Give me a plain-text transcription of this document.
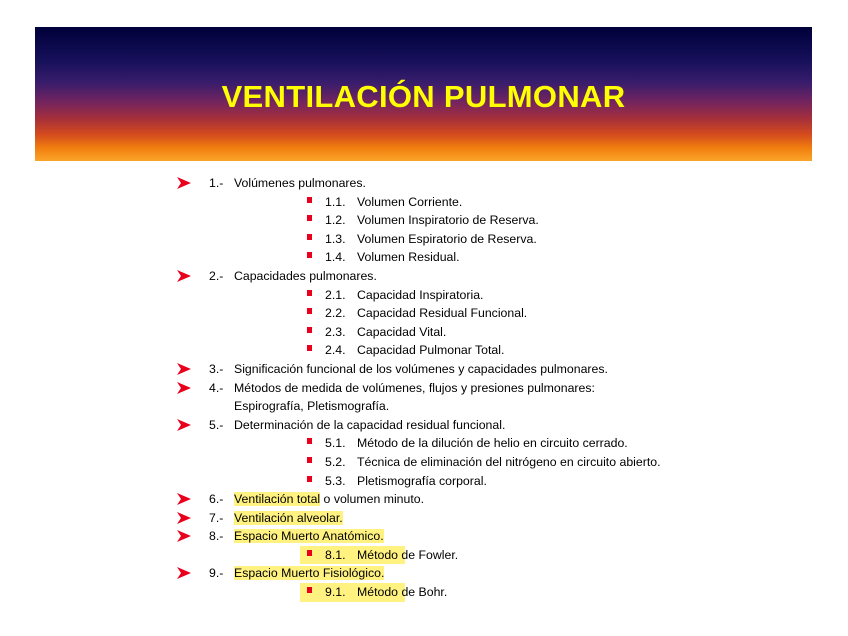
VENTILACIÓN PULMONAR
1.- Volúmenes pulmonares.
1.1. Volumen Corriente.
1.2. Volumen Inspiratorio de Reserva.
1.3. Volumen Espiratorio de Reserva.
1.4. Volumen Residual.
2.- Capacidades pulmonares.
2.1. Capacidad Inspiratoria.
2.2. Capacidad Residual Funcional.
2.3. Capacidad Vital.
2.4. Capacidad Pulmonar Total.
3.- Significación funcional de los volúmenes y capacidades pulmonares.
4.- Métodos de medida de volúmenes, flujos y presiones pulmonares:
Espirografía, Pletismografía.
5.- Determinación de la capacidad residual funcional.
5.1. Método de la dilución de helio en circuito cerrado.
5.2. Técnica de eliminación del nitrógeno en circuito abierto.
5.3. Pletismografía corporal.
6.- Ventilación total o volumen minuto.
7.- Ventilación alveolar.
8.- Espacio Muerto Anatómico.
8.1. Método de Fowler.
9.- Espacio Muerto Fisiológico.
9.1. Método de Bohr.
